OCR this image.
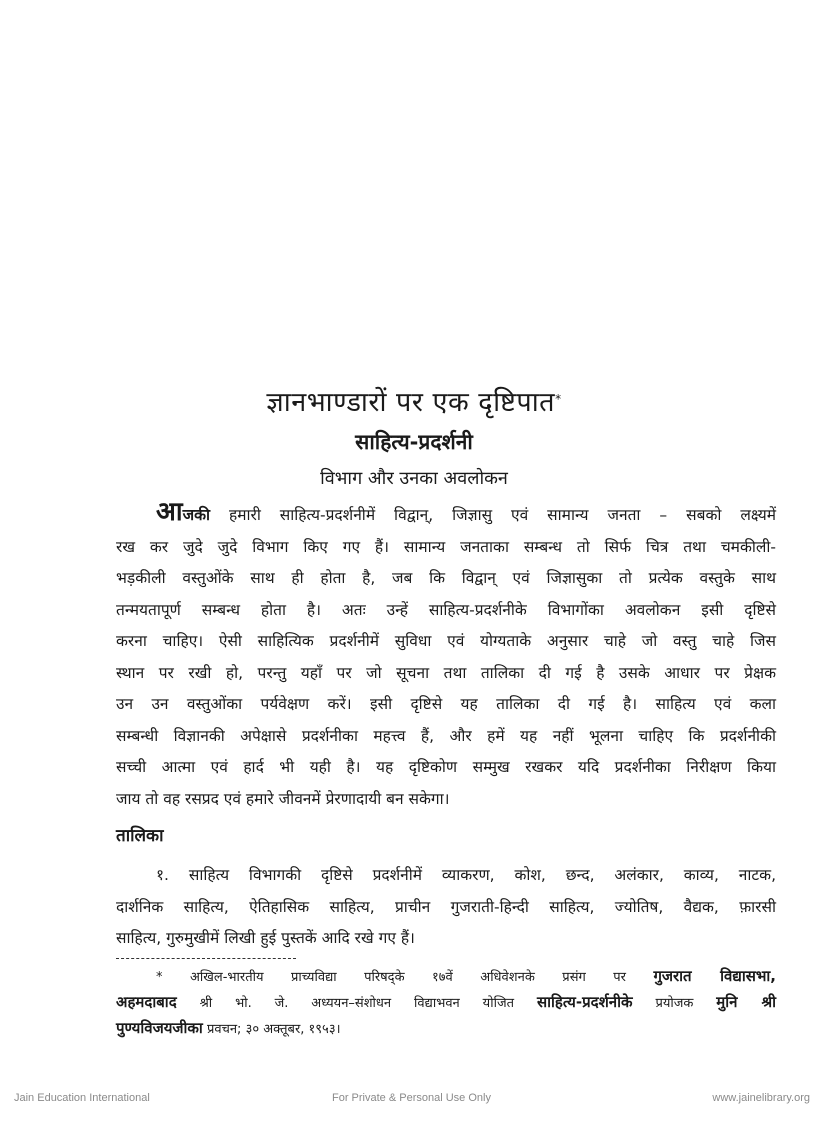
ज्ञानभाण्डारों पर एक दृष्टिपात*
साहित्य-प्रदर्शनी
विभाग और उनका अवलोकन
आजकी हमारी साहित्य-प्रदर्शनीमें विद्वान्, जिज्ञासु एवं सामान्य जनता – सबको लक्ष्यमें
रख कर जुदे जुदे विभाग किए गए हैं। सामान्य जनताका सम्बन्ध तो सिर्फ चित्र तथा चमकीली-
भड़कीली वस्तुओंके साथ ही होता है, जब कि विद्वान् एवं जिज्ञासुका तो प्रत्येक वस्तुके साथ
तन्मयतापूर्ण सम्बन्ध होता है। अतः उन्हें साहित्य-प्रदर्शनीके विभागोंका अवलोकन इसी दृष्टिसे
करना चाहिए। ऐसी साहित्यिक प्रदर्शनीमें सुविधा एवं योग्यताके अनुसार चाहे जो वस्तु चाहे जिस
स्थान पर रखी हो, परन्तु यहाँ पर जो सूचना तथा तालिका दी गई है उसके आधार पर प्रेक्षक
उन उन वस्तुओंका पर्यवेक्षण करें। इसी दृष्टिसे यह तालिका दी गई है। साहित्य एवं कला
सम्बन्धी विज्ञानकी अपेक्षासे प्रदर्शनीका महत्त्व हैं, और हमें यह नहीं भूलना चाहिए कि प्रदर्शनीकी
सच्ची आत्मा एवं हार्द भी यही है। यह दृष्टिकोण सम्मुख रखकर यदि प्रदर्शनीका निरीक्षण किया
जाय तो वह रसप्रद एवं हमारे जीवनमें प्रेरणादायी बन सकेगा।
तालिका
१. साहित्य विभागकी दृष्टिसे प्रदर्शनीमें व्याकरण, कोश, छन्द, अलंकार, काव्य, नाटक,
दार्शनिक साहित्य, ऐतिहासिक साहित्य, प्राचीन गुजराती-हिन्दी साहित्य, ज्योतिष, वैद्यक, फ़ारसी
साहित्य, गुरुमुखीमें लिखी हुई पुस्तकें आदि रखे गए हैं।
* अखिल-भारतीय प्राच्यविद्या परिषद्के १७वें अधिवेशनके प्रसंग पर गुजरात विद्यासभा,
अहमदाबाद श्री भो. जे. अध्ययन–संशोधन विद्याभवन योजित साहित्य-प्रदर्शनीके प्रयोजक मुनि श्री
पुण्यविजयजीका प्रवचन; ३० अक्तूबर, १९५३।
Jain Education International	For Private & Personal Use Only	www.jainelibrary.org
